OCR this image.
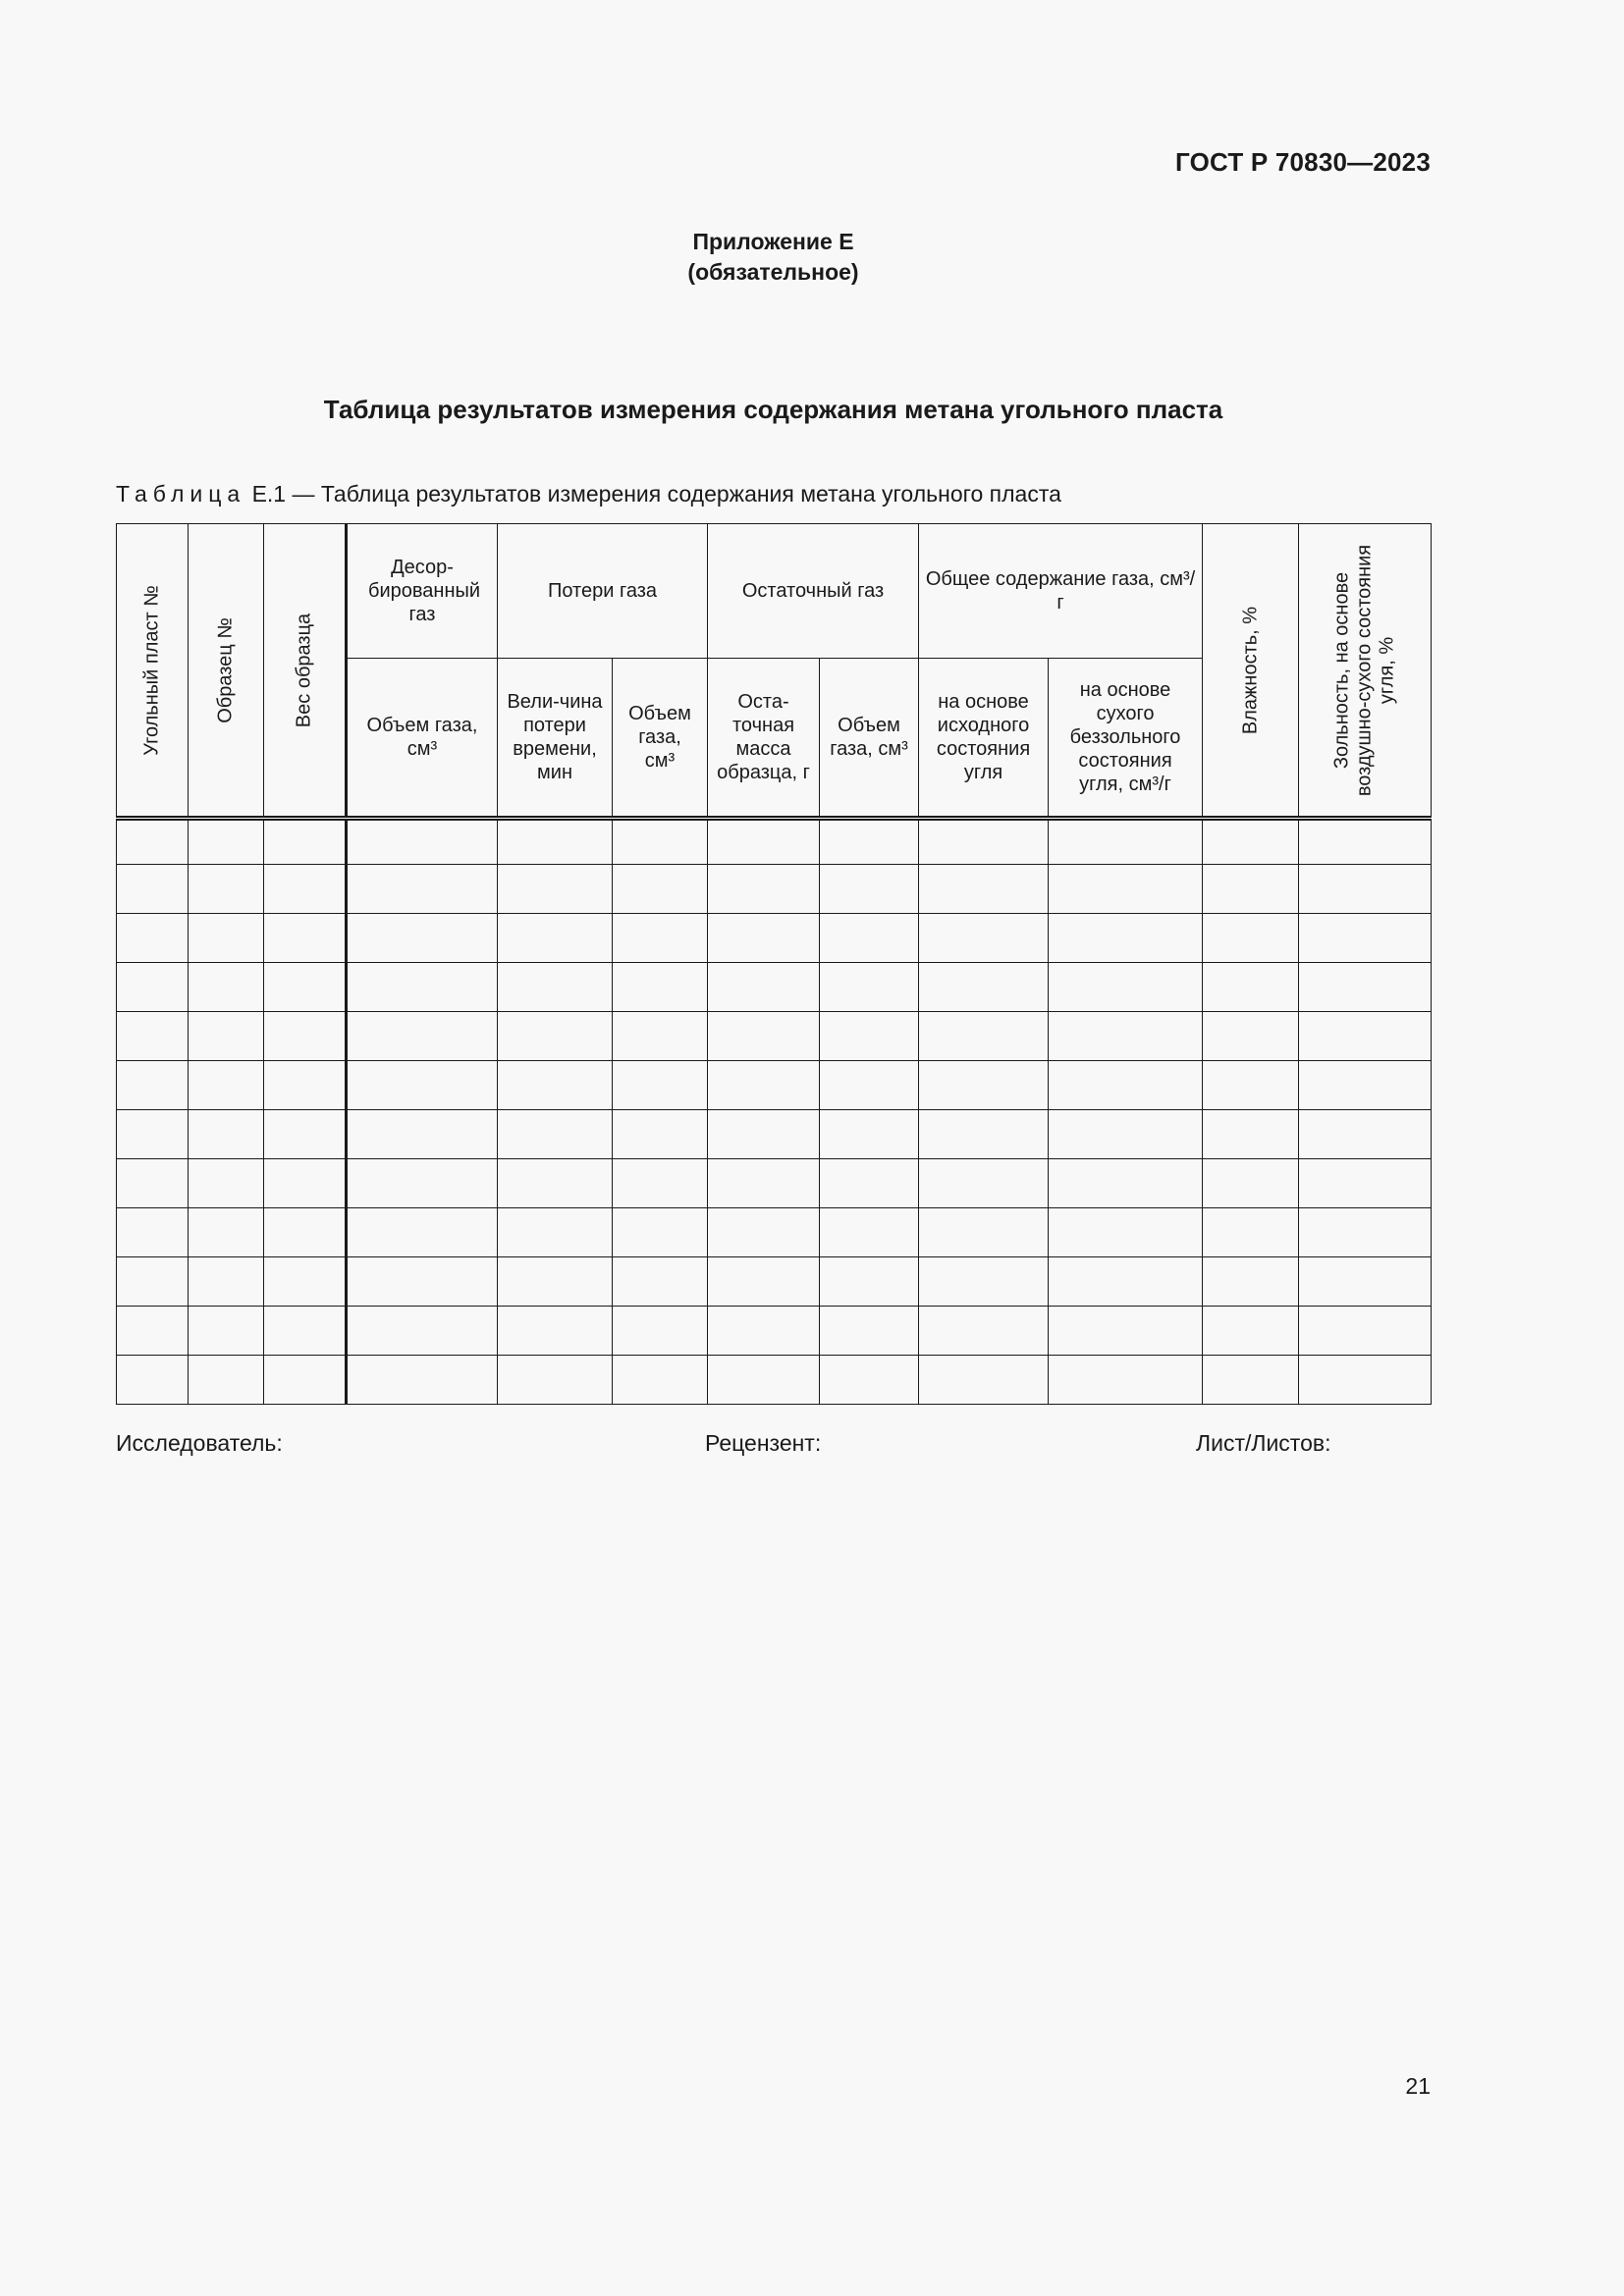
ГОСТ Р 70830—2023
Приложение Е
(обязательное)
Таблица результатов измерения содержания метана угольного пласта
Таблица Е.1 — Таблица результатов измерения содержания метана угольного пласта
Угольный пласт №	Образец №	Вес образца	Десор-бированный газ	Потери газа		Остаточный газ		Общее содержание газа, см³/г		Влажность, %	Зольность, на основе воздушно-сухого состояния угля, %

			Объем газа, см³	Вели-чина потери времени, мин	Объем газа, см³	Оста-точная масса образца, г	Объем газа, см³	на основе исходного состояния угля	на основе сухого беззольного состояния угля, см³/г		

Исследователь:	Рецензент:	Лист/Листов:
21
